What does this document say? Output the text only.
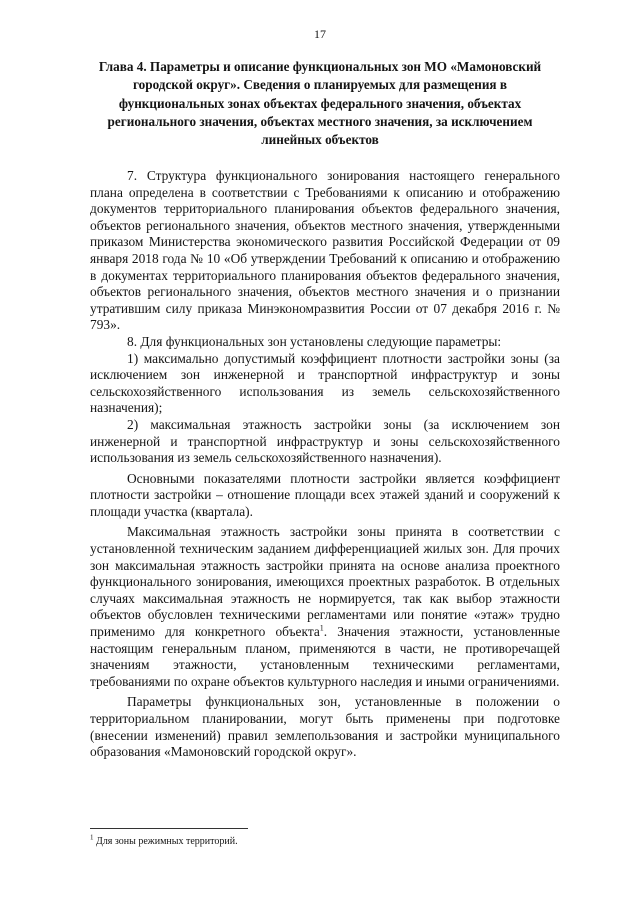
17
Глава 4. Параметры и описание функциональных зон МО «Мамоновский городской округ». Сведения о планируемых для размещения в функциональных зонах объектах федерального значения, объектах регионального значения, объектах местного значения, за исключением линейных объектов

7. Структура функционального зонирования настоящего генерального плана определена в соответствии с Требованиями к описанию и отображению документов территориального планирования объектов федерального значения, объектов регионального значения, объектов местного значения, утвержденными приказом Министерства экономического развития Российской Федерации от 09 января 2018 года № 10 «Об утверждении Требований к описанию и отображению в документах территориального планирования объектов федерального значения, объектов регионального значения, объектов местного значения и о признании утратившим силу приказа Минэкономразвития России от 07 декабря 2016 г. № 793».

8. Для функциональных зон установлены следующие параметры:

1) максимально допустимый коэффициент плотности застройки зоны (за исключением зон инженерной и транспортной инфраструктур и зоны сельскохозяйственного использования из земель сельскохозяйственного назначения);

2) максимальная этажность застройки зоны (за исключением зон инженерной и транспортной инфраструктур и зоны сельскохозяйственного использования из земель сельскохозяйственного назначения).

Основными показателями плотности застройки является коэффициент плотности застройки – отношение площади всех этажей зданий и сооружений к площади участка (квартала).

Максимальная этажность застройки зоны принята в соответствии с установленной техническим заданием дифференциацией жилых зон. Для прочих зон максимальная этажность застройки принята на основе анализа проектного функционального зонирования, имеющихся проектных разработок. В отдельных случаях максимальная этажность не нормируется, так как выбор этажности объектов обусловлен техническими регламентами или понятие «этаж» трудно применимо для конкретного объекта$^1$. Значения этажности, установленные настоящим генеральным планом, применяются в части, не противоречащей значениям этажности, установленным техническими регламентами, требованиями по охране объектов культурного наследия и иными ограничениями.

Параметры функциональных зон, установленные в положении о территориальном планировании, могут быть применены при подготовке (внесении изменений) правил землепользования и застройки муниципального образования «Мамоновский городской округ».

$^1$ Для зоны режимных территорий.
